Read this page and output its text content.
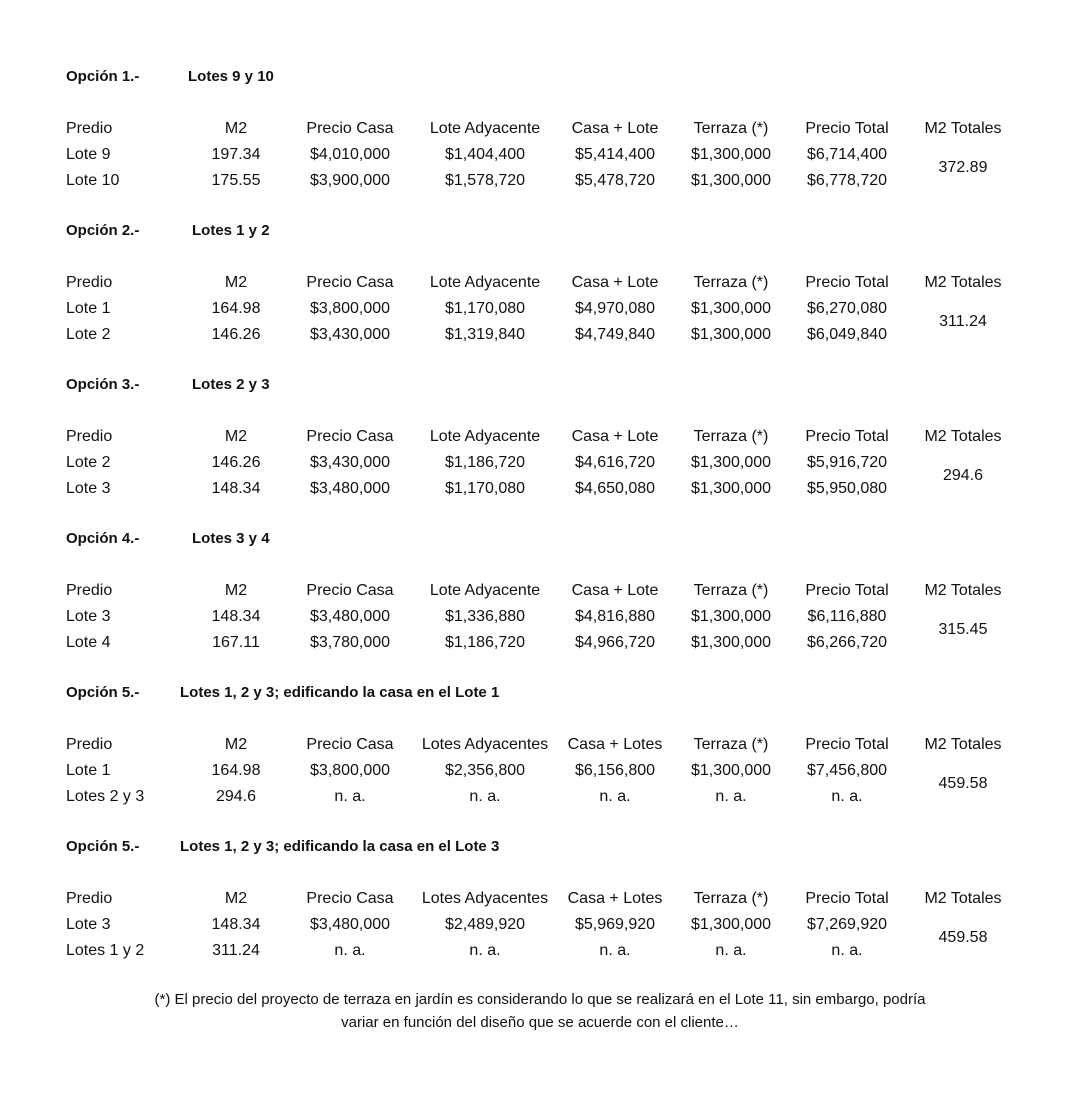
Opción 1.-	Lotes 9 y 10
Predio	M2	Precio Casa	Lote Adyacente	Casa + Lote	Terraza (*)	Precio Total	M2 Totales
Lote 9	197.34	$4,010,000	$1,404,400	$5,414,400	$1,300,000	$6,714,400
Lote 10	175.55	$3,900,000	$1,578,720	$5,478,720	$1,300,000	$6,778,720
372.89
Opción 2.-	Lotes 1 y 2
Predio	M2	Precio Casa	Lote Adyacente	Casa + Lote	Terraza (*)	Precio Total	M2 Totales
Lote 1	164.98	$3,800,000	$1,170,080	$4,970,080	$1,300,000	$6,270,080
Lote 2	146.26	$3,430,000	$1,319,840	$4,749,840	$1,300,000	$6,049,840
311.24
Opción 3.-	Lotes 2 y 3
Predio	M2	Precio Casa	Lote Adyacente	Casa + Lote	Terraza (*)	Precio Total	M2 Totales
Lote 2	146.26	$3,430,000	$1,186,720	$4,616,720	$1,300,000	$5,916,720
Lote 3	148.34	$3,480,000	$1,170,080	$4,650,080	$1,300,000	$5,950,080
294.6
Opción 4.-	Lotes 3 y 4
Predio	M2	Precio Casa	Lote Adyacente	Casa + Lote	Terraza (*)	Precio Total	M2 Totales
Lote 3	148.34	$3,480,000	$1,336,880	$4,816,880	$1,300,000	$6,116,880
Lote 4	167.11	$3,780,000	$1,186,720	$4,966,720	$1,300,000	$6,266,720
315.45
Opción 5.-	Lotes 1, 2 y 3; edificando la casa en el Lote 1
Predio	M2	Precio Casa	Lotes Adyacentes	Casa + Lotes	Terraza (*)	Precio Total	M2 Totales
Lote 1	164.98	$3,800,000	$2,356,800	$6,156,800	$1,300,000	$7,456,800
Lotes 2 y 3	294.6	n. a.	n. a.	n. a.	n. a.	n. a.
459.58
Opción 5.-	Lotes 1, 2 y 3; edificando la casa en el Lote 3
Predio	M2	Precio Casa	Lotes Adyacentes	Casa + Lotes	Terraza (*)	Precio Total	M2 Totales
Lote 3	148.34	$3,480,000	$2,489,920	$5,969,920	$1,300,000	$7,269,920
Lotes 1 y 2	311.24	n. a.	n. a.	n. a.	n. a.	n. a.
459.58
(*) El precio del proyecto de terraza en jardín es considerando lo que se realizará en el Lote 11, sin embargo, podría
variar en función del diseño que se acuerde con el cliente…
